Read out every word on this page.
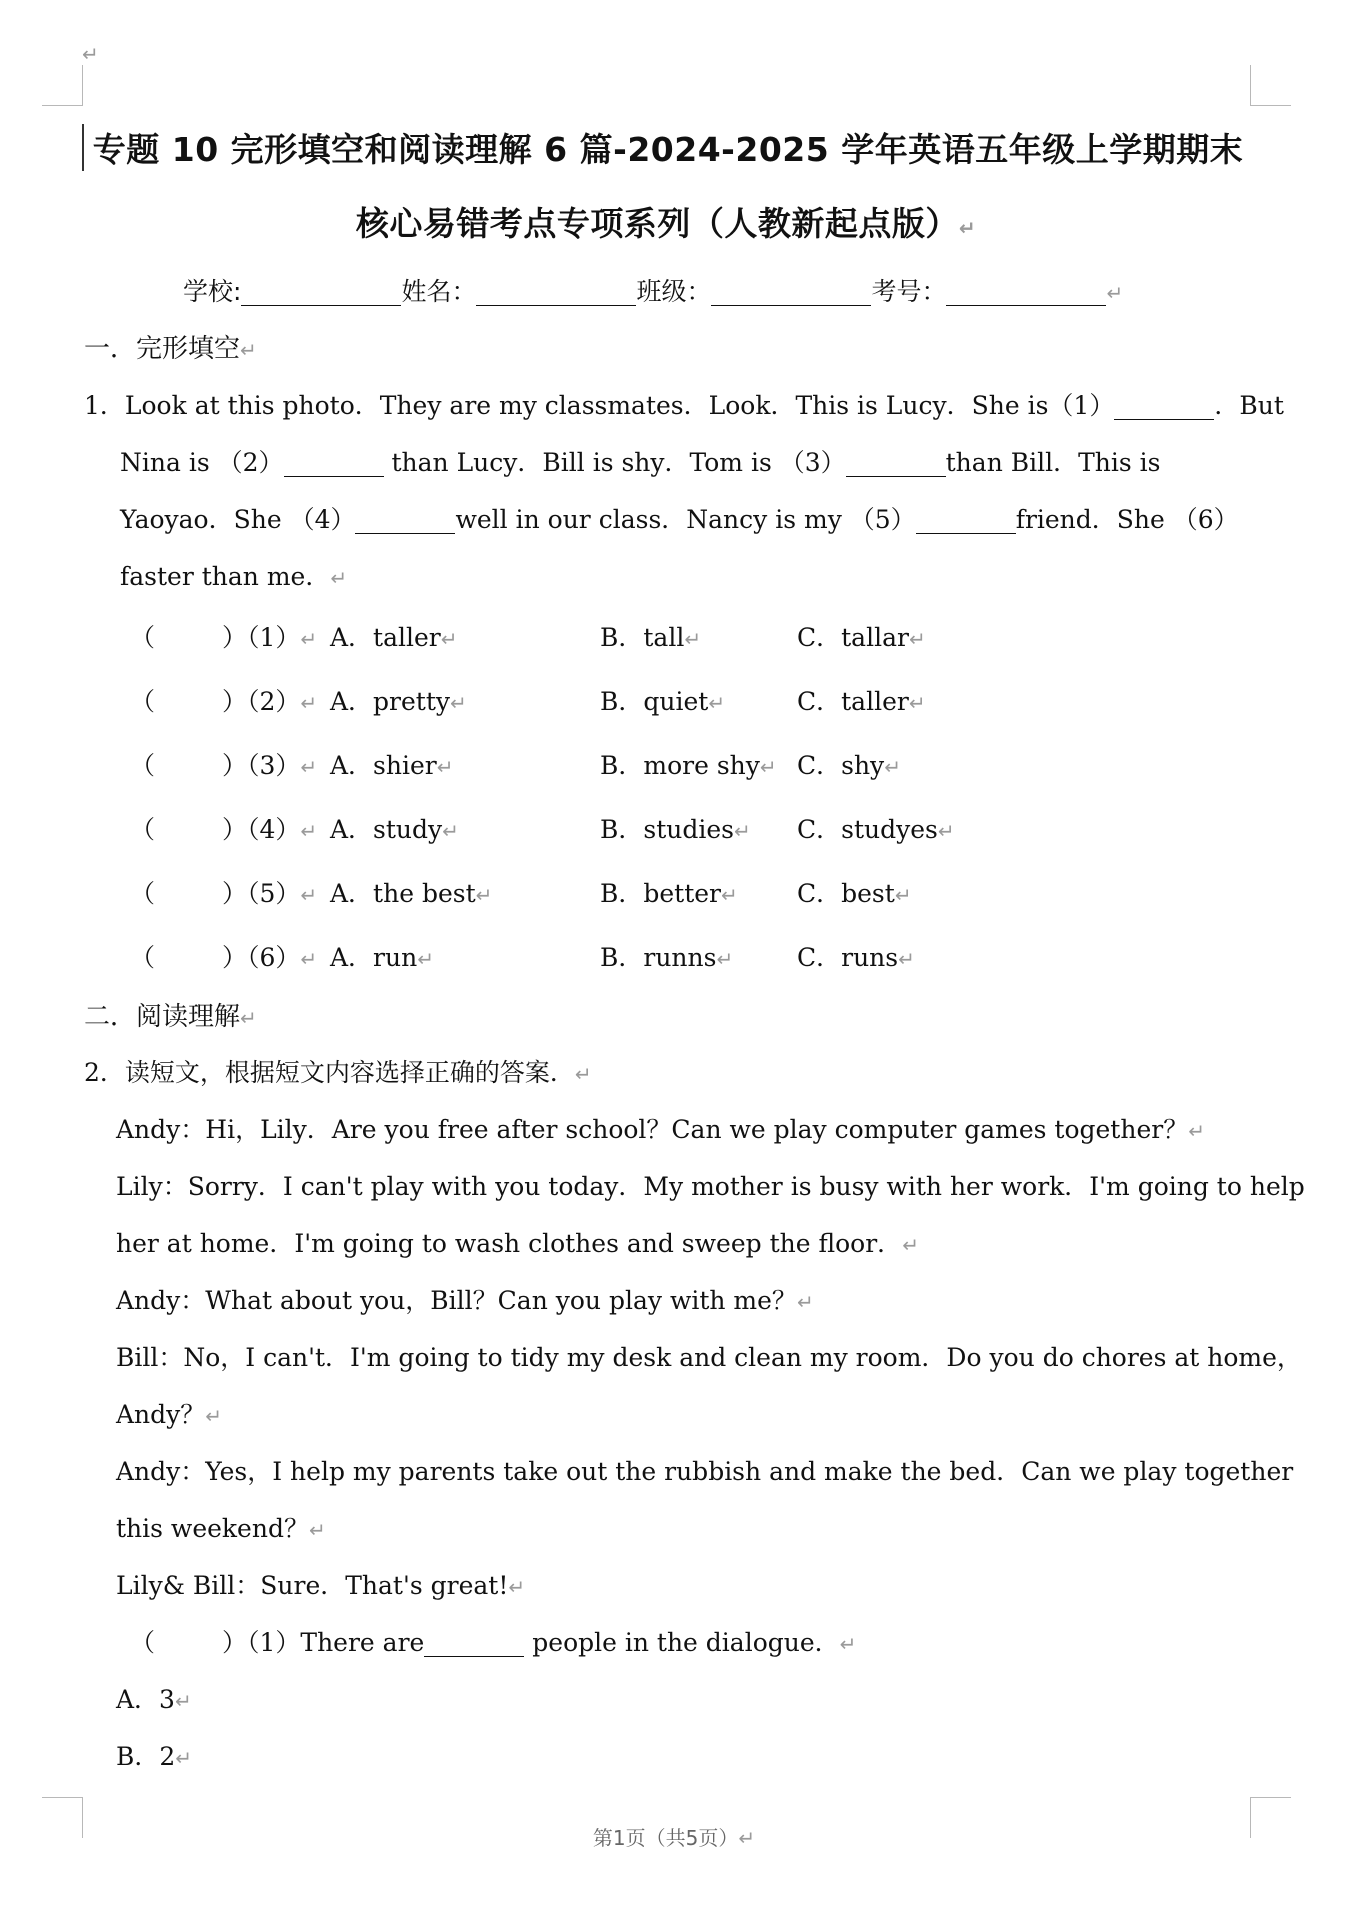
↵
专题 10 完形填空和阅读理解 6 篇-2024-2025 学年英语五年级上学期期末
核心易错考点专项系列（人教新起点版）↵
学校:	姓名：	班级：	考号：	↵
一．完形填空↵
1．Look at this photo．They are my classmates．Look．This is Lucy．She is（1）	．But
Nina is （2）	than Lucy．Bill is shy．Tom is （3）	than Bill．This is
Yaoyao．She （4）	well in our class．Nancy is my （5）	friend．She （6）
faster than me．↵
（	）（1）↵ A．taller↵	B．tall↵	C．tallar↵
（	）（2）↵ A．pretty↵	B．quiet↵	C．taller↵
（	）（3）↵ A．shier↵	B．more shy↵ C．shy↵
（	）（4）↵ A．study↵	B．studies↵ C．studyes↵
（	）（5）↵ A．the best↵	B．better↵ C．best↵
（	）（6）↵ A．run↵	B．runns↵	C．runs↵
二．阅读理解↵
2．读短文，根据短文内容选择正确的答案．↵
Andy：Hi，Lily．Are you free after school？Can we play computer games together？↵
Lily：Sorry．I can't play with you today．My mother is busy with her work．I'm going to help
her at home．I'm going to wash clothes and sweep the floor．↵
Andy：What about you，Bill？Can you play with me？↵
Bill：No，I can't．I'm going to tidy my desk and clean my room．Do you do chores at home，
Andy？↵
Andy：Yes，I help my parents take out the rubbish and make the bed．Can we play together
this weekend？↵
Lily& Bill：Sure．That's great!↵
（	）（1）There are	people in the dialogue．↵
A．3↵
B．2↵
第1页（共5页）↵
